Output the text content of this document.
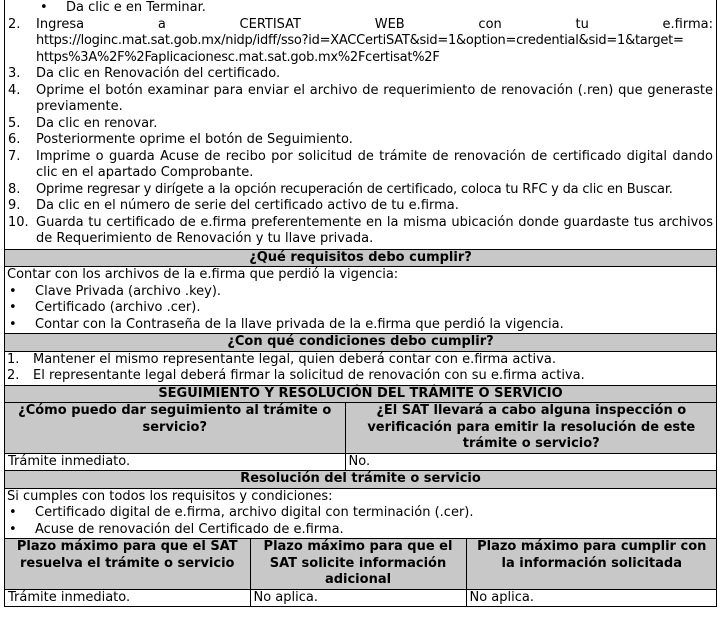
• Da clic e en Terminar.
2. Ingresa a CERTISAT WEB con tu e.firma:
https://loginc.mat.sat.gob.mx/nidp/idff/sso?id=XACCertiSAT&sid=1&option=credential&sid=1&target=
https%3A%2F%2Faplicacionesc.mat.sat.gob.mx%2Fcertisat%2F
3. Da clic en Renovación del certificado.
4. Oprime el botón examinar para enviar el archivo de requerimiento de renovación (.ren) que generaste previamente.
5. Da clic en renovar.
6. Posteriormente oprime el botón de Seguimiento.
7. Imprime o guarda Acuse de recibo por solicitud de trámite de renovación de certificado digital dando clic en el apartado Comprobante.
8. Oprime regresar y dirígete a la opción recuperación de certificado, coloca tu RFC y da clic en Buscar.
9. Da clic en el número de serie del certificado activo de tu e.firma.
10. Guarda tu certificado de e.firma preferentemente en la misma ubicación donde guardaste tus archivos de Requerimiento de Renovación y tu llave privada.

¿Qué requisitos debo cumplir?

Contar con los archivos de la e.firma que perdió la vigencia:
• Clave Privada (archivo .key).
• Certificado (archivo .cer).
• Contar con la Contraseña de la llave privada de la e.firma que perdió la vigencia.

¿Con qué condiciones debo cumplir?

1. Mantener el mismo representante legal, quien deberá contar con e.firma activa.
2. El representante legal deberá firmar la solicitud de renovación con su e.firma activa.

SEGUIMIENTO Y RESOLUCIÓN DEL TRÁMITE O SERVICIO

¿Cómo puedo dar seguimiento al trámite o servicio?	¿El SAT llevará a cabo alguna inspección o verificación para emitir la resolución de este trámite o servicio?
Trámite inmediato.	No.

Resolución del trámite o servicio

Si cumples con todos los requisitos y condiciones:
• Certificado digital de e.firma, archivo digital con terminación (.cer).
• Acuse de renovación del Certificado de e.firma.

Plazo máximo para que el SAT resuelva el trámite o servicio	Plazo máximo para que el SAT solicite información adicional	Plazo máximo para cumplir con la información solicitada
Trámite inmediato.	No aplica.	No aplica.
